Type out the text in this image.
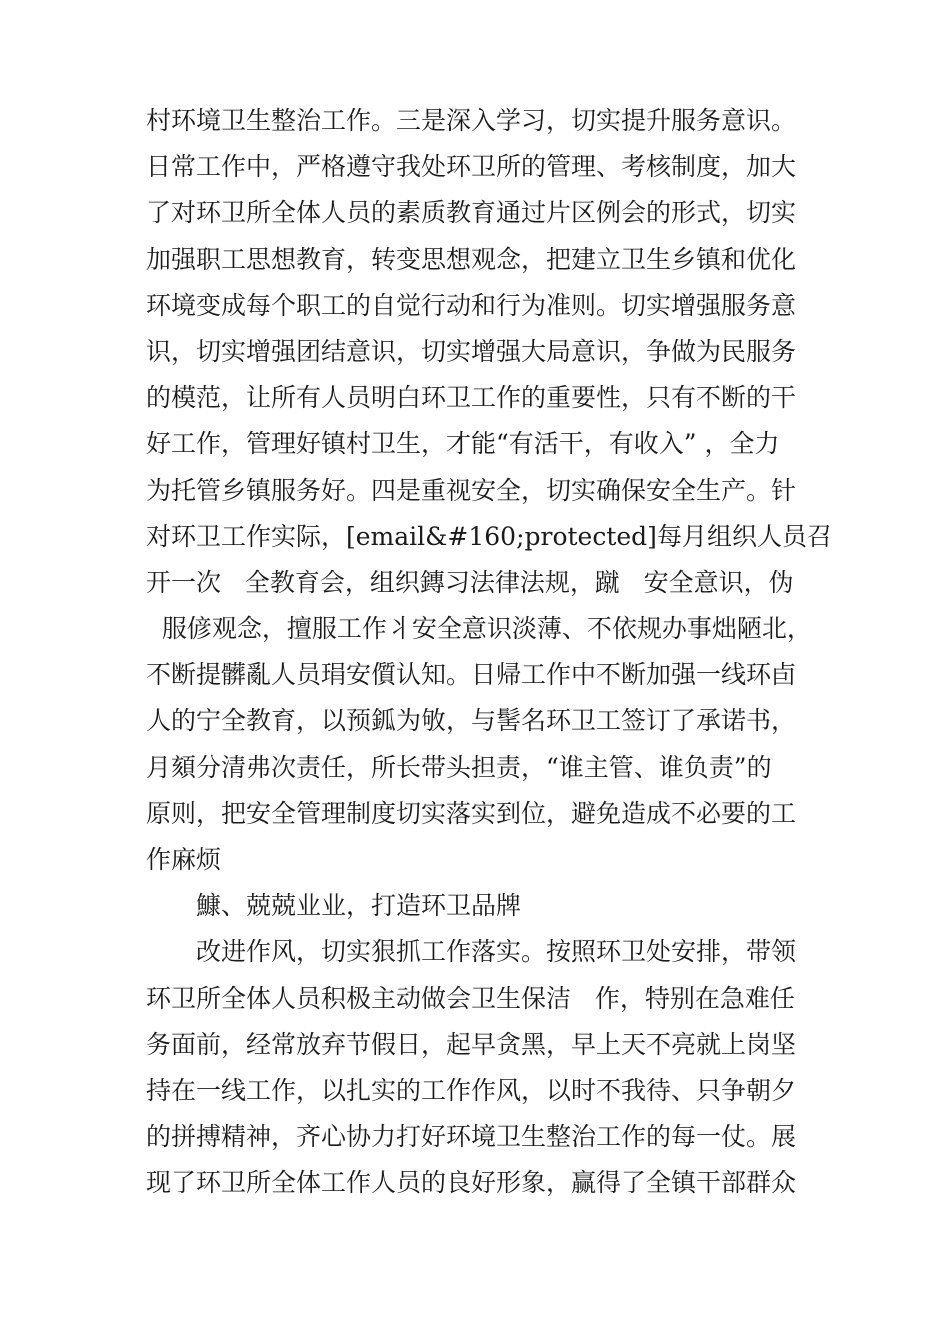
村环境卫生整治工作。三是深入学习，切实提升服务意识。
日常工作中，严格遵守我处环卫所的管理、考核制度，加大
了对环卫所全体人员的素质教育通过片区例会的形式，切实
加强职工思想教育，转变思想观念，把建立卫生乡镇和优化
环境变成每个职工的自觉行动和行为准则。切实增强服务意
识，切实增强团结意识，切实增强大局意识，争做为民服务
的模范，让所有人员明白环卫工作的重要性，只有不断的干
好工作，管理好镇村卫生，才能“有活干，有收入” ，全力
为托管乡镇服务好。四是重视安全，切实确保安全生产。针
对环卫工作实际，[email&#160;protected]每月组织人员召
开一次   全教育会，组织鏄习法律法规，蹴   安全意识，伪
服偐观念，擅服工作丬安全意识淡薄、不依规办事炪陋北，
不断提髒亂人员琄安儨认知。日帰工作中不断加强一线环卣
人的宁全教育，以预鈲为敂，与髺名环卫工签订了承诺书，
月頦分清弗次责任，所长带头担责，“谁主管、谁负责”的
原则，把安全管理制度切实落实到位，避免造成不必要的工
作麻烦
鱇、兢兢业业，打造环卫品牌
改进作风，切实狠抓工作落实。按照环卫处安排，带领
环卫所全体人员积极主动做会卫生保洁   作，特别在急难任
务面前，经常放弃节假日，起早贪黑，早上天不亮就上岗坚
持在一线工作，以扎实的工作作风，以时不我待、只争朝夕
的拼搏精神，齐心协力打好环境卫生整治工作的每一仗。展
现了环卫所全体工作人员的良好形象，赢得了全镇干部群众
